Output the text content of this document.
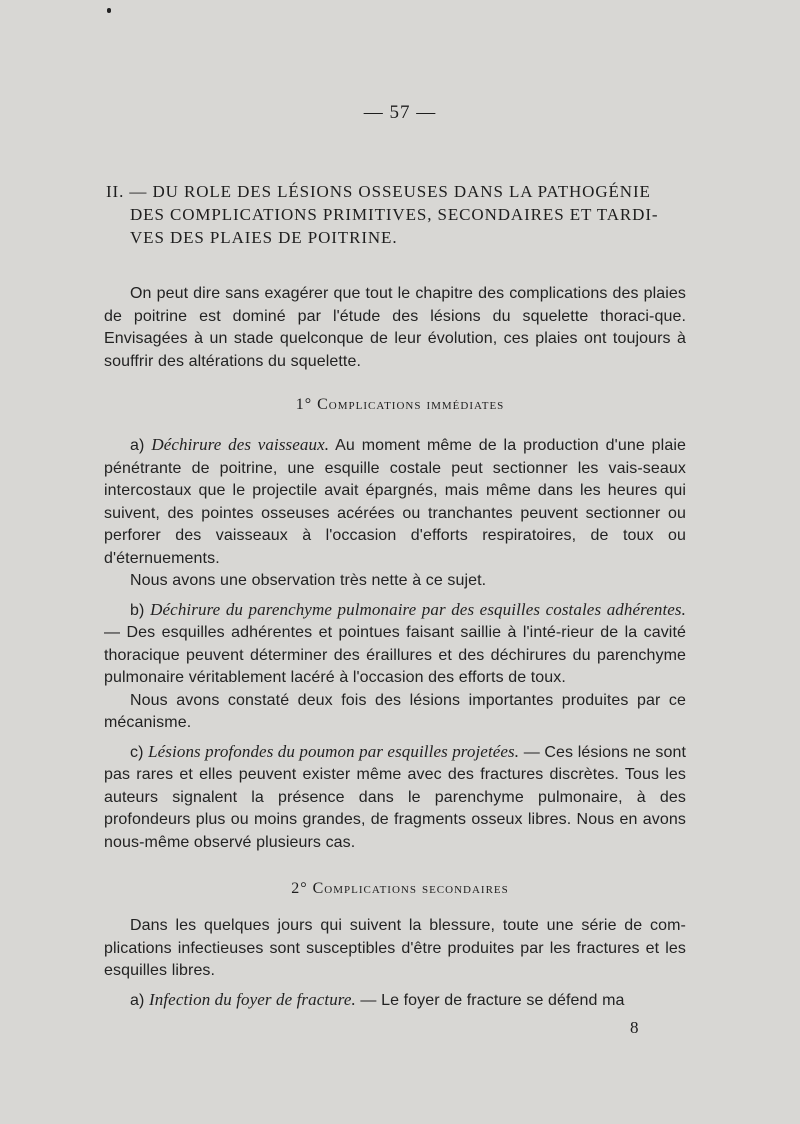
— 57 —
II. — DU ROLE DES LÉSIONS OSSEUSES DANS LA PATHOGÉNIE
DES COMPLICATIONS PRIMITIVES, SECONDAIRES ET TARDI-
VES DES PLAIES DE POITRINE.

On peut dire sans exagérer que tout le chapitre des complications des plaies de poitrine est dominé par l'étude des lésions du squelette thoraci-que. Envisagées à un stade quelconque de leur évolution, ces plaies ont toujours à souffrir des altérations du squelette.

1° Complications immédiates

a) Déchirure des vaisseaux. Au moment même de la production d'une plaie pénétrante de poitrine, une esquille costale peut sectionner les vais-seaux intercostaux que le projectile avait épargnés, mais même dans les heures qui suivent, des pointes osseuses acérées ou tranchantes peuvent sectionner ou perforer des vaisseaux à l'occasion d'efforts respiratoires, de toux ou d'éternuements.

Nous avons une observation très nette à ce sujet.

b) Déchirure du parenchyme pulmonaire par des esquilles costales adhérentes. — Des esquilles adhérentes et pointues faisant saillie à l'inté-rieur de la cavité thoracique peuvent déterminer des éraillures et des déchirures du parenchyme pulmonaire véritablement lacéré à l'occasion des efforts de toux.

Nous avons constaté deux fois des lésions importantes produites par ce mécanisme.

c) Lésions profondes du poumon par esquilles projetées. — Ces lésions ne sont pas rares et elles peuvent exister même avec des fractures discrètes. Tous les auteurs signalent la présence dans le parenchyme pulmonaire, à des profondeurs plus ou moins grandes, de fragments osseux libres. Nous en avons nous-même observé plusieurs cas.

2° Complications secondaires

Dans les quelques jours qui suivent la blessure, toute une série de com-plications infectieuses sont susceptibles d'être produites par les fractures et les esquilles libres.

a) Infection du foyer de fracture. — Le foyer de fracture se défend ma

8
